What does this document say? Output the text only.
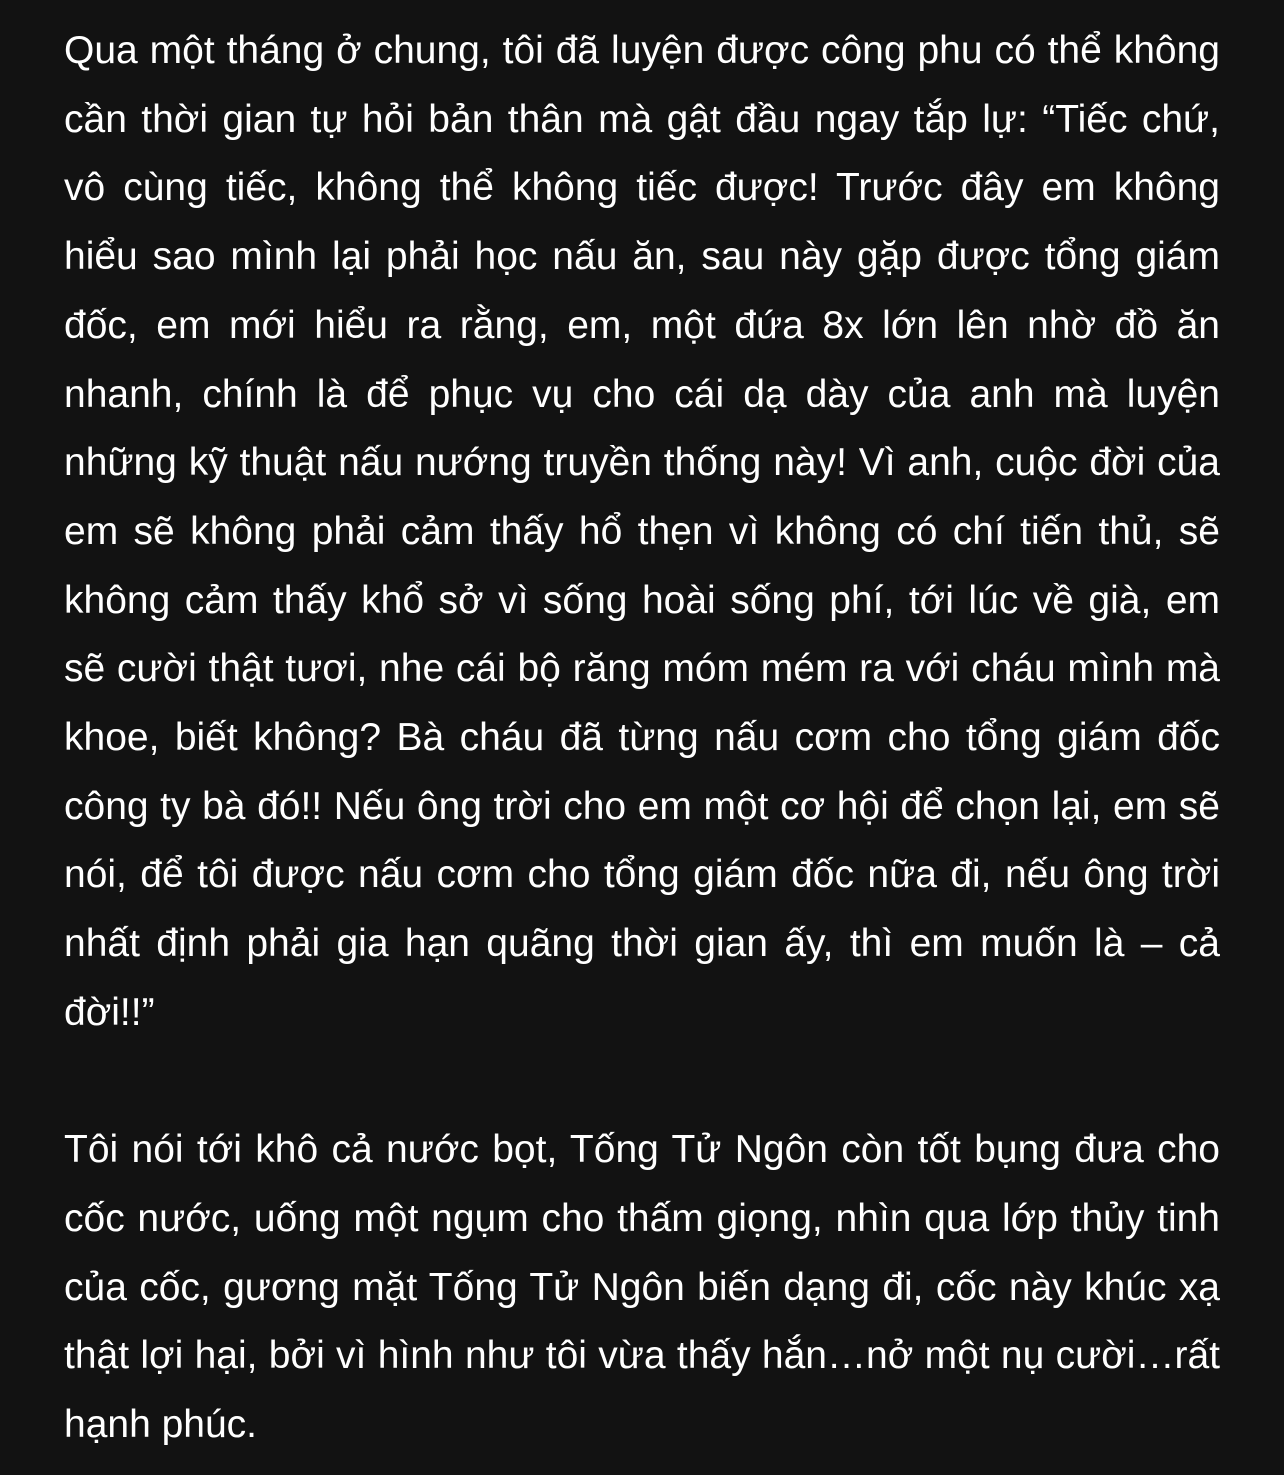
Qua một tháng ở chung, tôi đã luyện được công phu có thể không cần thời gian tự hỏi bản thân mà gật đầu ngay tắp lự: “Tiếc chứ, vô cùng tiếc, không thể không tiếc được! Trước đây em không hiểu sao mình lại phải học nấu ăn, sau này gặp được tổng giám đốc, em mới hiểu ra rằng, em, một đứa 8x lớn lên nhờ đồ ăn nhanh, chính là để phục vụ cho cái dạ dày của anh mà luyện những kỹ thuật nấu nướng truyền thống này! Vì anh, cuộc đời của em sẽ không phải cảm thấy hổ thẹn vì không có chí tiến thủ, sẽ không cảm thấy khổ sở vì sống hoài sống phí, tới lúc về già, em sẽ cười thật tươi, nhe cái bộ răng móm mém ra với cháu mình mà khoe, biết không? Bà cháu đã từng nấu cơm cho tổng giám đốc công ty bà đó!! Nếu ông trời cho em một cơ hội để chọn lại, em sẽ nói, để tôi được nấu cơm cho tổng giám đốc nữa đi, nếu ông trời nhất định phải gia hạn quãng thời gian ấy, thì em muốn là – cả đời!!”

Tôi nói tới khô cả nước bọt, Tống Tử Ngôn còn tốt bụng đưa cho cốc nước, uống một ngụm cho thấm giọng, nhìn qua lớp thủy tinh của cốc, gương mặt Tống Tử Ngôn biến dạng đi, cốc này khúc xạ thật lợi hại, bởi vì hình như tôi vừa thấy hắn…nở một nụ cười…rất hạnh phúc.
